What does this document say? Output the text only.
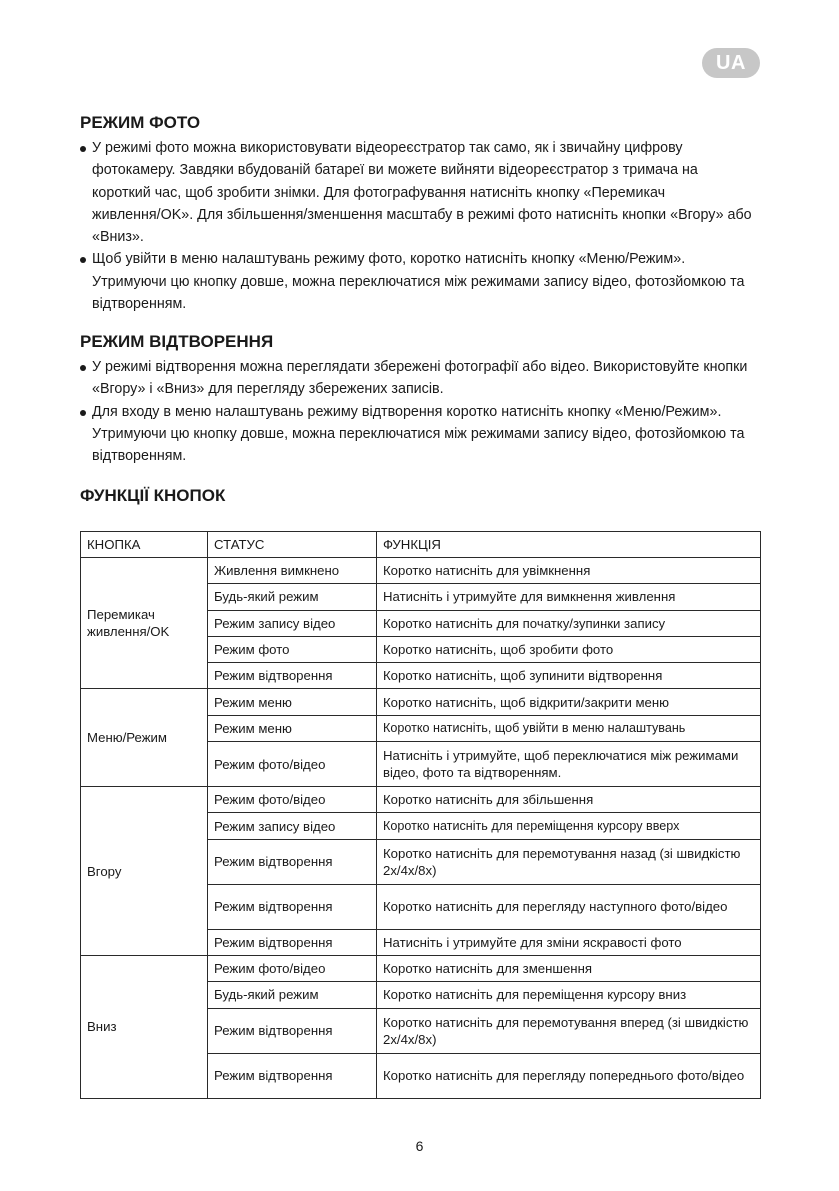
UA
РЕЖИМ ФОТО
У режимі фото можна використовувати відеореєстратор так само, як і звичайну цифрову фотокамеру. Завдяки вбудованій батареї ви можете вийняти відеореєстратор з тримача на короткий час, щоб зробити знімки. Для фотографування натисніть кнопку «Перемикач живлення/OK». Для збільшення/зменшення масштабу в режимі фото натисніть кнопки «Вгору» або «Вниз».
Щоб увійти в меню налаштувань режиму фото, коротко натисніть кнопку «Меню/Режим». Утримуючи цю кнопку довше, можна переключатися між режимами запису відео, фотозйомкою та відтворенням.
РЕЖИМ ВІДТВОРЕННЯ
У режимі відтворення можна переглядати збережені фотографії або відео. Використовуйте кнопки «Вгору» і «Вниз» для перегляду збережених записів.
Для входу в меню налаштувань режиму відтворення коротко натисніть кнопку «Меню/Режим». Утримуючи цю кнопку довше, можна переключатися між режимами запису відео, фотозйомкою та відтворенням.
ФУНКЦІЇ КНОПОК
КНОПКА	СТАТУС	ФУНКЦІЯ
Перемикач живлення/OK	Живлення вимкнено	Коротко натисніть для увімкнення
	Будь-який режим	Натисніть і утримуйте для вимкнення живлення
	Режим запису відео	Коротко натисніть для початку/зупинки запису
	Режим фото	Коротко натисніть, щоб зробити фото
	Режим відтворення	Коротко натисніть, щоб зупинити відтворення
Меню/Режим	Режим меню	Коротко натисніть, щоб відкрити/закрити меню
	Режим меню	Коротко натисніть, щоб увійти в меню налаштувань
	Режим фото/відео	Натисніть і утримуйте, щоб переключатися між режимами відео, фото та відтворенням.
Вгору	Режим фото/відео	Коротко натисніть для збільшення
	Режим запису відео	Коротко натисніть для переміщення курсору вверх
	Режим відтворення	Коротко натисніть для перемотування назад (зі швидкістю 2х/4х/8х)
	Режим відтворення	Коротко натисніть для перегляду наступного фото/відео
	Режим відтворення	Натисніть і утримуйте для зміни яскравості фото
Вниз	Режим фото/відео	Коротко натисніть для зменшення
	Будь-який режим	Коротко натисніть для переміщення курсору вниз
	Режим відтворення	Коротко натисніть для перемотування вперед (зі швидкістю 2х/4х/8х)
	Режим відтворення	Коротко натисніть для перегляду попереднього фото/відео
6
